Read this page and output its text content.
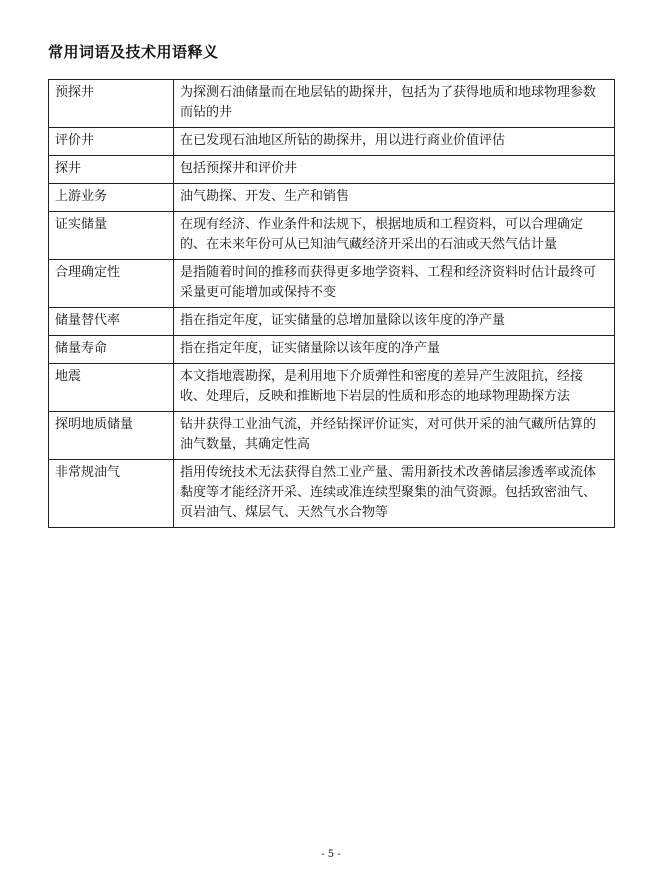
常用词语及技术用语释义
预探井	为探测石油储量而在地层钻的勘探井，包括为了获得地质和地球物理参数而钻的井
评价井	在已发现石油地区所钻的勘探井，用以进行商业价值评估
探井	包括预探井和评价井
上游业务	油气勘探、开发、生产和销售
证实储量	在现有经济、作业条件和法规下，根据地质和工程资料，可以合理确定的、在未来年份可从已知油气藏经济开采出的石油或天然气估计量
合理确定性	是指随着时间的推移而获得更多地学资料、工程和经济资料时估计最终可采量更可能增加或保持不变
储量替代率	指在指定年度，证实储量的总增加量除以该年度的净产量
储量寿命	指在指定年度，证实储量除以该年度的净产量
地震	本文指地震勘探，是利用地下介质弹性和密度的差异产生波阻抗，经接收、处理后，反映和推断地下岩层的性质和形态的地球物理勘探方法
探明地质储量	钻井获得工业油气流，并经钻探评价证实，对可供开采的油气藏所估算的油气数量，其确定性高
非常规油气	指用传统技术无法获得自然工业产量、需用新技术改善储层渗透率或流体黏度等才能经济开采、连续或准连续型聚集的油气资源。包括致密油气、页岩油气、煤层气、天然气水合物等
- 5 -
